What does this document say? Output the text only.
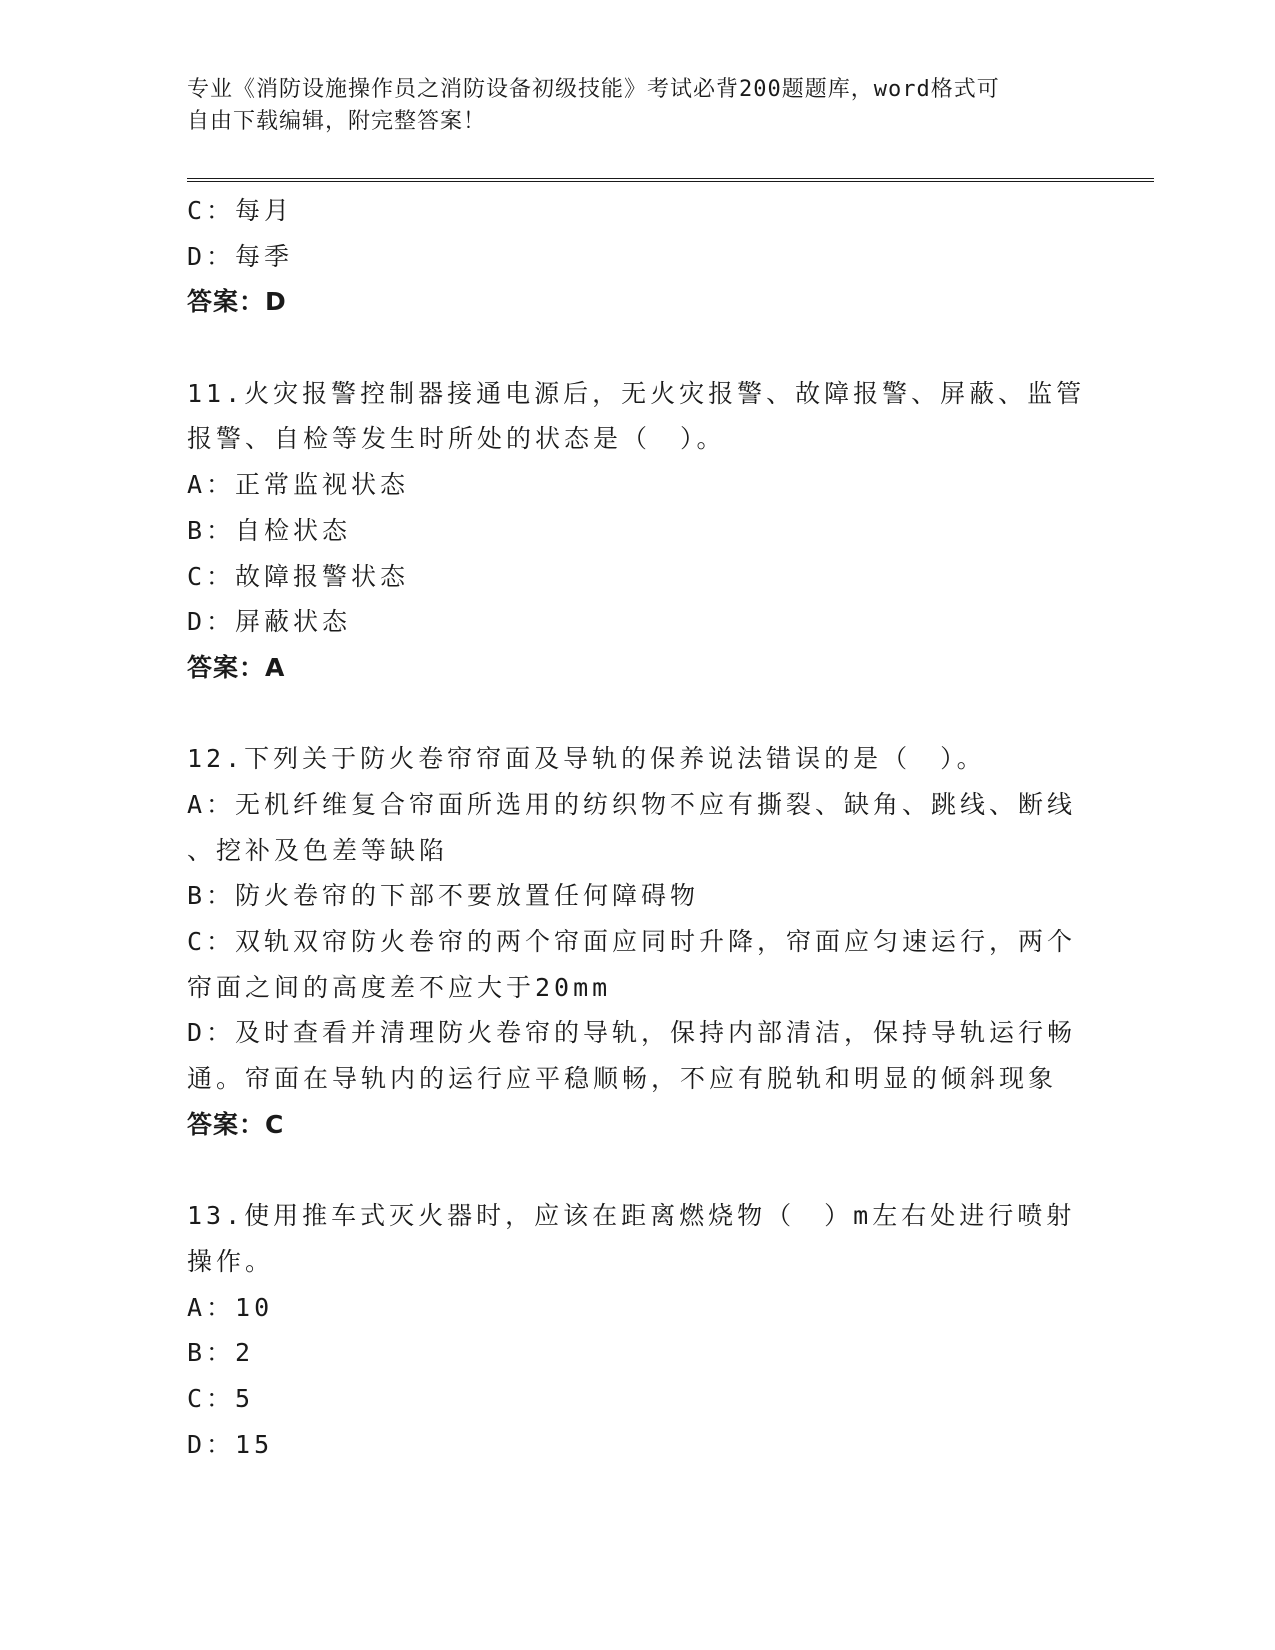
专业《消防设施操作员之消防设备初级技能》考试必背200题题库，word格式可
自由下载编辑，附完整答案！
C：每月
D：每季
答案：D
11.火灾报警控制器接通电源后，无火灾报警、故障报警、屏蔽、监管
报警、自检等发生时所处的状态是（　）。
A：正常监视状态
B：自检状态
C：故障报警状态
D：屏蔽状态
答案：A
12.下列关于防火卷帘帘面及导轨的保养说法错误的是（　）。
A：无机纤维复合帘面所选用的纺织物不应有撕裂、缺角、跳线、断线
、挖补及色差等缺陷
B：防火卷帘的下部不要放置任何障碍物
C：双轨双帘防火卷帘的两个帘面应同时升降，帘面应匀速运行，两个
帘面之间的高度差不应大于20mm
D：及时查看并清理防火卷帘的导轨，保持内部清洁，保持导轨运行畅
通。帘面在导轨内的运行应平稳顺畅，不应有脱轨和明显的倾斜现象
答案：C
13.使用推车式灭火器时，应该在距离燃烧物（　）m左右处进行喷射
操作。
A：10
B：2
C：5
D：15
